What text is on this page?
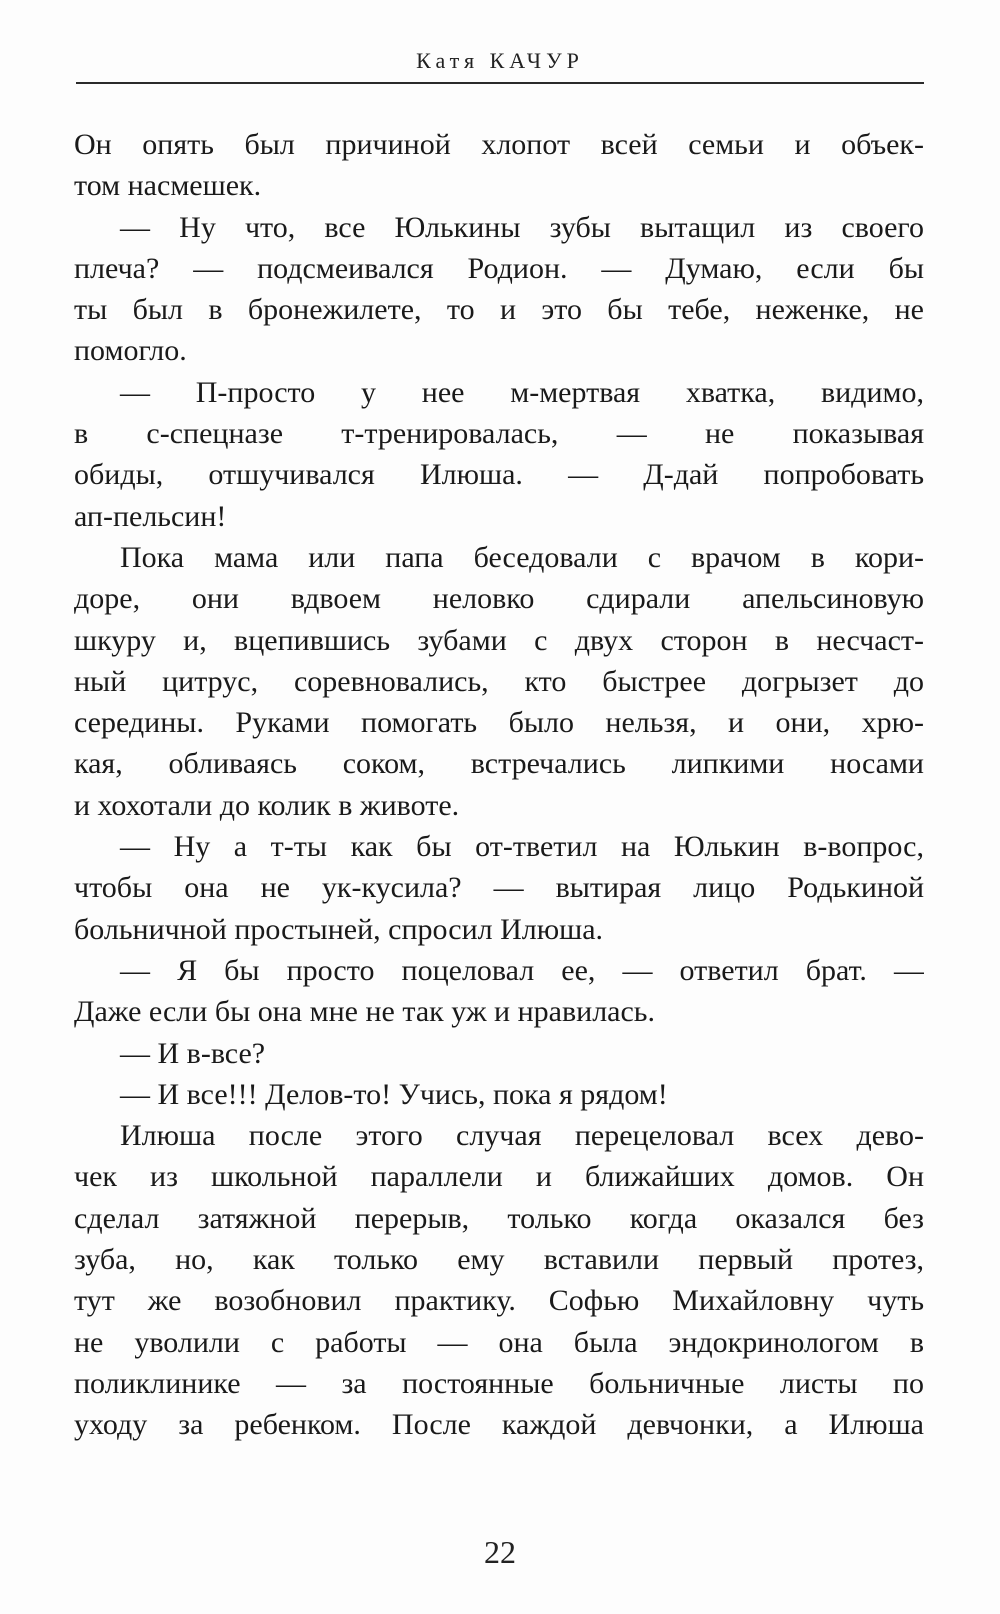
Катя КАЧУР
Он опять был причиной хлопот всей семьи и объек-
том насмешек.
— Ну что, все Юлькины зубы вытащил из своего
плеча? — подсмеивался Родион. — Думаю, если бы
ты был в бронежилете, то и это бы тебе, неженке, не
помогло.
— П-просто у нее м-мертвая хватка, видимо,
в с-спецназе т-тренировалась, — не показывая
обиды, отшучивался Илюша. — Д-дай попробовать
ап-пельсин!
Пока мама или папа беседовали с врачом в кори-
доре, они вдвоем неловко сдирали апельсиновую
шкуру и, вцепившись зубами с двух сторон в несчаст-
ный цитрус, соревновались, кто быстрее догрызет до
середины. Руками помогать было нельзя, и они, хрю-
кая, обливаясь соком, встречались липкими носами
и хохотали до колик в животе.
— Ну а т-ты как бы от-тветил на Юлькин в-вопрос,
чтобы она не ук-кусила? — вытирая лицо Родькиной
больничной простыней, спросил Илюша.
— Я бы просто поцеловал ее, — ответил брат. —
Даже если бы она мне не так уж и нравилась.
— И в-все?
— И все!!! Делов-то! Учись, пока я рядом!
Илюша после этого случая перецеловал всех дево-
чек из школьной параллели и ближайших домов. Он
сделал затяжной перерыв, только когда оказался без
зуба, но, как только ему вставили первый протез,
тут же возобновил практику. Софью Михайловну чуть
не уволили с работы — она была эндокринологом в
поликлинике — за постоянные больничные листы по
уходу за ребенком. После каждой девчонки, а Илюша
22
